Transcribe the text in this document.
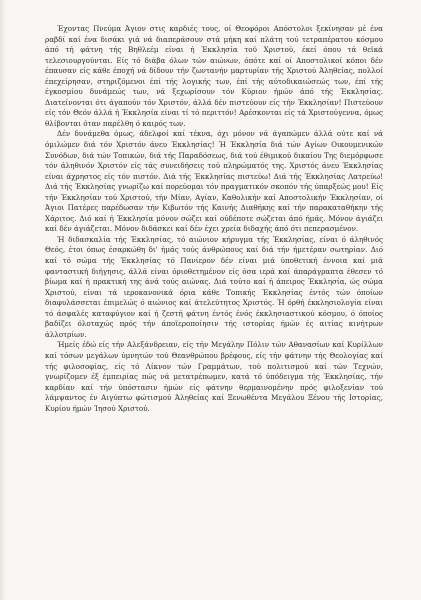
Έχοντας Πνεύμα Άγιον στις καρδιές τους, οί Θεοφόροι Απόστολοι ξεκίνησαν μέ ένα ραβδί καί ένα δισάκι γιά νά διαπεράσουν στά μήκη καί πλάτη τού τετραπέρατου κόσμου άπό τή φάτνη τής Βηθλεέμ είναι ή Έκκλησία τοϋ Χριστού, έκεί όπου τά θεϊκά τελεσιουργούνται. Είς τό διάβα όλων τών αιώνων, όπότε καί οί Αποστολικοί κόποι δέν έπαυσαν είς κάθε έποχή νά δίδουν τήν ζωντανήν μαρτυρίαν τής Χριστού Άληθείας, πολλοί έπεχείρησαν, στηριζόμενοι έπί τής λογικής των, έπί τής αύτοδικαιώσεώς των, έπί τής έγκοσμίου δυνάμεώς των, νά ξεχωρίσουν τόν Κύριον ήμών άπό τής Έκκλησίας. Διατείνονται ότι άγαπούν τόν Χριστόν, άλλά δέν πιστεύουν είς τήν Έκκλησίαν! Πιστεύουν είς τόν Θεόν άλλά ή Έκκλησία είναι τί τό περιττόν! Αρέσκονται είς τά Χριστούγεννα, όμως θλίβονται όταν παρέλθη ό καιρός των.

Δέν δυνάμεθα όμως, άδελφοί καί τέκνα, όχι μόνον νά άγαπώμεν άλλά ούτε καί νά όμιλώμεν διά τόν Χριστόν άνευ Έκκλησίας! Ή Έκκλησία διά τών Αγίων Οικουμενικών Συνόδων, διά τών Τοπικών, διά τής Παραδόσεως, διά τού έθιμικού δικαίου Της διεμόρφωσε τόν άληθινόν Χριστόν είς τάς συνειδήσεις τού πληρώματός της. Χριστός άνευ Έκκλησίας είναι άχρηστος είς τόν πιστόν. Διά τής Έκκλησίας πιστεύω! Διά τής Έκκλησίας Λατρεύω! Διά τής Έκκλησίας γνωρίζω καί πορεύομαι τόν πραγματικόν σκοπόν τής ύπαρξεώς μου! Είς τήν Έκκλησίαν τού Χριστού, τήν Μίαν, Αγίαν, Καθολικήν καί Αποστολικήν Έκκλησίαν, οί Άγιοι Πατέρες παρέδωσαν τήν Κιβωτόν τής Καινής Διαθήκης καί τήν παρακαταθήκην τής Χάριτος. Διό καί ή Έκκλησία μόνον σώζει καί ούδέποτε σώζεται άπό ήμάς. Μόνον άγιάζει καί δέν άγιάζεται. Μόνον διδάσκει καί δέν έχει χρεία διδαχής άπό ότι πεπερασμένον.

Ή διδασκαλία τής Έκκλησίας, τό αιώνιον κήρυγμα τής Έκκλησίας, είναι ό άληθινός Θεός, έτοι όπως έσαρκώθη δι' ήμάς τούς άνθρώπους καί διά τήν ήμετέραν σωτηρίαν. Διό καί τό σώμα τής Έκκλησίας τό Πανίερον δέν είναι μιά ύποθετική έννοια καί μιά φανταστική διήγησις, άλλά είναι όριοθετημένον είς όσα ιερά καί άπαράγραπτα έθεσεν τό βίωμα καί ή πρακτική της άνά τούς αιώνας. Διά τούτο καί ή άπειρος Έκκλησία, ώς σώμα Χριστού, είναι τά ιεροκανονικά όρια κάθε Τοπικής Έκκλησίας έντός τών όποίων διαφυλάσσεται έπιμελώς ό αιώνιος καί άτελεύτητος Χριστός. Ή όρθή έκκλησιολογία είναι τό άσφαλές καταφύγιον καί ή ζεστή φάτνη έντός ένός έκκλησιαστικού κόσμου, ό όποίος βαδίζει όλοταχώς πρός τήν άποϊεροποίησιν τής ιστορίας ήμών ές αιτίας κινήτρων άλλοτρίων.

Ήμείς έδώ είς τήν Αλεξάνδρειαν, είς τήν Μεγάλην Πόλιν τών Αθανασίων καί Κυρίλλων καί τόσων μεγάλων ύμνητών τού Θεανθρώπου βρέφους, είς τήν φάτνην τής Θεολογίας καί τής φιλοσοφίας, είς τό Λίκνον τών Γραμμάτων, τού πολιτισμού καί τών Τεχνών, γνωρίζομεν έξ έμπειρίας πώς νά μετατρέπωμεν, κατά τό ύπόδειγμα τής Έκκλησίας, τήν καρδίαν καί τήν ύπόστασιν ήμών είς φάτνην θερμαινομένην πρός φιλοξενίαν τού λάμψαντος έν Αιγύπτω φώτισμού Άληθείας καί Ξενωθέντα Μεγάλου Ξένου τής Ιστορίας, Κυρίου ήμών Ίησού Χριστού.
